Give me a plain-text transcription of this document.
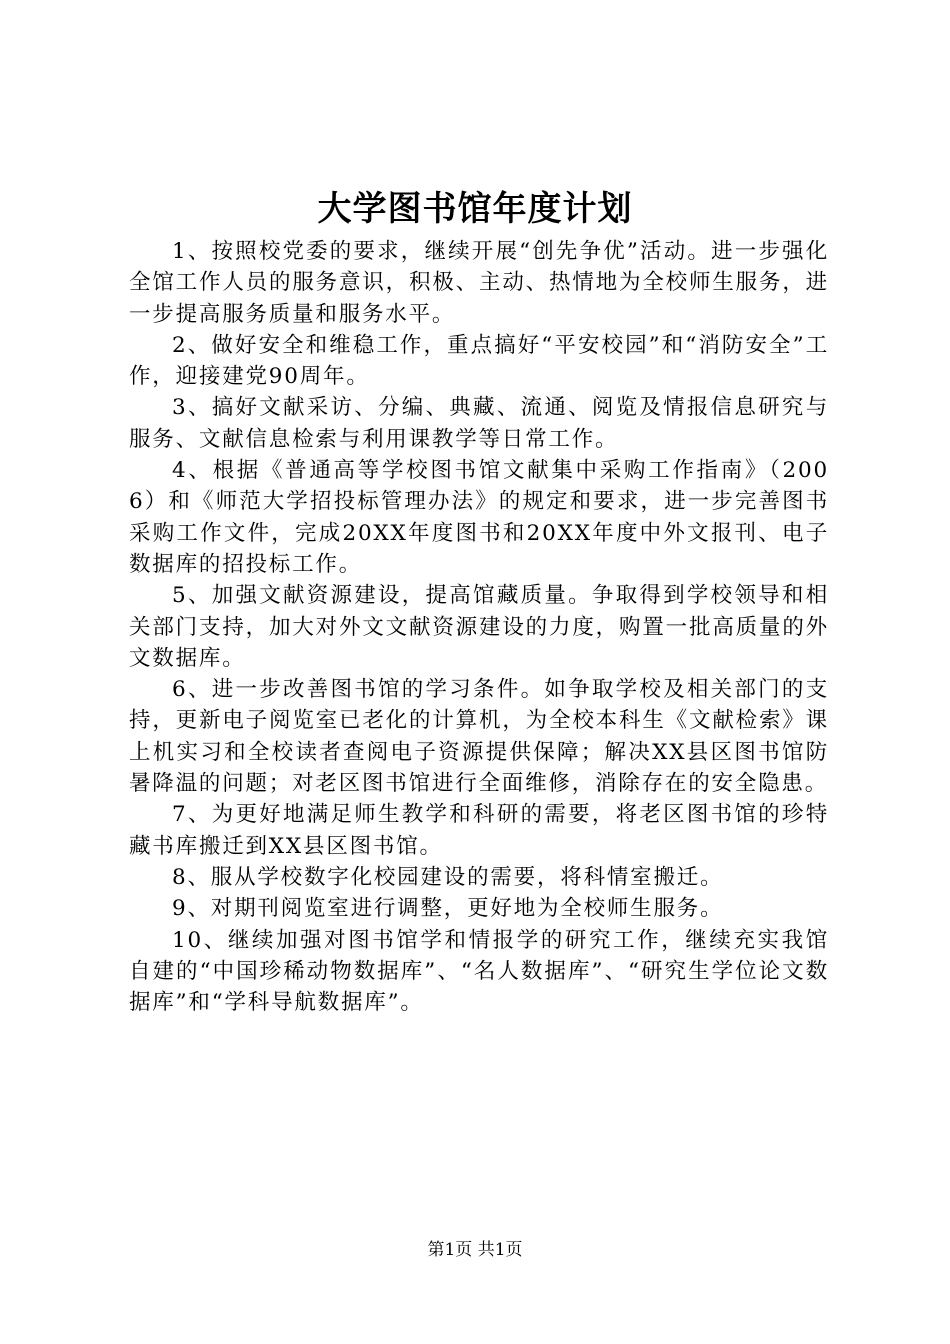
大学图书馆年度计划

1、按照校党委的要求，继续开展“创先争优”活动。进一步强化全馆工作人员的服务意识，积极、主动、热情地为全校师生服务，进一步提高服务质量和服务水平。

2、做好安全和维稳工作，重点搞好“平安校园”和“消防安全”工作，迎接建党90周年。

3、搞好文献采访、分编、典藏、流通、阅览及情报信息研究与服务、文献信息检索与利用课教学等日常工作。

4、根据《普通高等学校图书馆文献集中采购工作指南》（2006）和《师范大学招投标管理办法》的规定和要求，进一步完善图书采购工作文件，完成20XX年度图书和20XX年度中外文报刊、电子数据库的招投标工作。

5、加强文献资源建设，提高馆藏质量。争取得到学校领导和相关部门支持，加大对外文文献资源建设的力度，购置一批高质量的外文数据库。

6、进一步改善图书馆的学习条件。如争取学校及相关部门的支持，更新电子阅览室已老化的计算机，为全校本科生《文献检索》课上机实习和全校读者查阅电子资源提供保障；解决XX县区图书馆防暑降温的问题；对老区图书馆进行全面维修，消除存在的安全隐患。

7、为更好地满足师生教学和科研的需要，将老区图书馆的珍特藏书库搬迁到XX县区图书馆。

8、服从学校数字化校园建设的需要，将科情室搬迁。

9、对期刊阅览室进行调整，更好地为全校师生服务。

10、继续加强对图书馆学和情报学的研究工作，继续充实我馆自建的“中国珍稀动物数据库”、“名人数据库”、“研究生学位论文数据库”和“学科导航数据库”。

第1页 共1页
